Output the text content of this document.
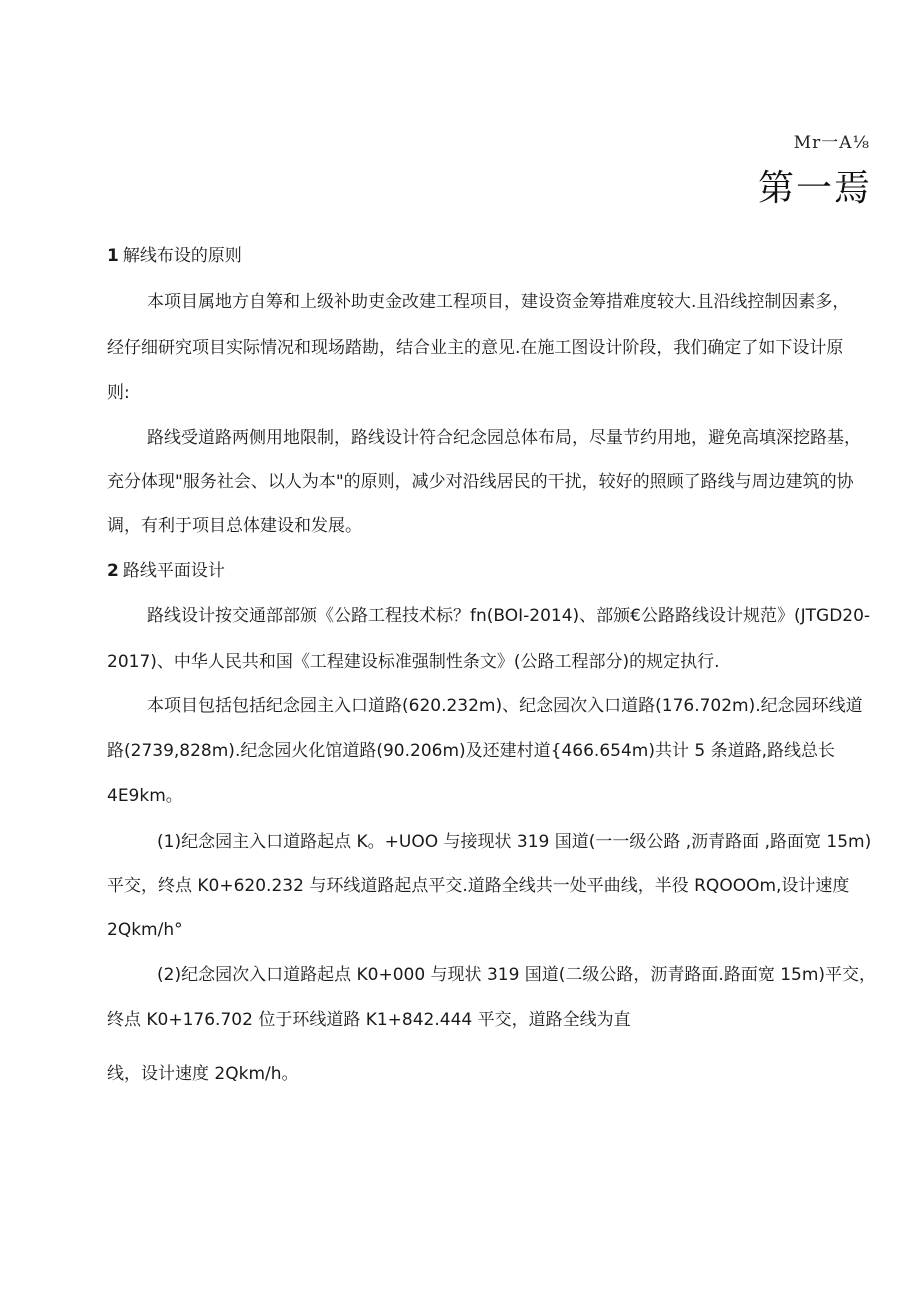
Mr一A⅛
第一焉
1 解线布设的原则
本项目属地方自筹和上级补助吏金改建工程项目，建设资金筹措难度较大.且沿线控制因素多，
经仔细研究项目实际情况和现场踏勘，结合业主的意见.在施工图设计阶段，我们确定了如下设计原
则:
路线受道路两侧用地限制，路线设计符合纪念园总体布局，尽量节约用地，避免高填深挖路基，
充分体现"服务社会、以人为本"的原则，减少对沿线居民的干扰，较好的照顾了路线与周边建筑的协
调，有利于项目总体建设和发展。
2 路线平面设计
路线设计按交通部部颁《公路工程技术标？fn(BOI-2014)、部颁€公路路线设计规范》(JTGD20-
2017)、中华人民共和国《工程建设标准强制性条文》(公路工程部分)的规定执行.
本项目包括包括纪念园主入口道路(620.232m)、纪念园次入口道路(176.702m).纪念园环线道
路(2739,828m).纪念园火化馆道路(90.206m)及还建村道{466.654m)共计 5 条道路,路线总长
4E9km。
(1)纪念园主入口道路起点 K。+UOO 与接现状 319 国道(一一级公路 ,沥青路面 ,路面宽 15m)
平交，终点 K0+620.232 与环线道路起点平交.道路全线共一处平曲线，半役 RQOOOm,设计速度
2Qkm/h°
(2)纪念园次入口道路起点 K0+000 与现状 319 国道(二级公路，沥青路面.路面宽 15m)平交，
终点 K0+176.702 位于环线道路 K1+842.444 平交，道路全线为直
线，设计速度 2Qkm/h。
